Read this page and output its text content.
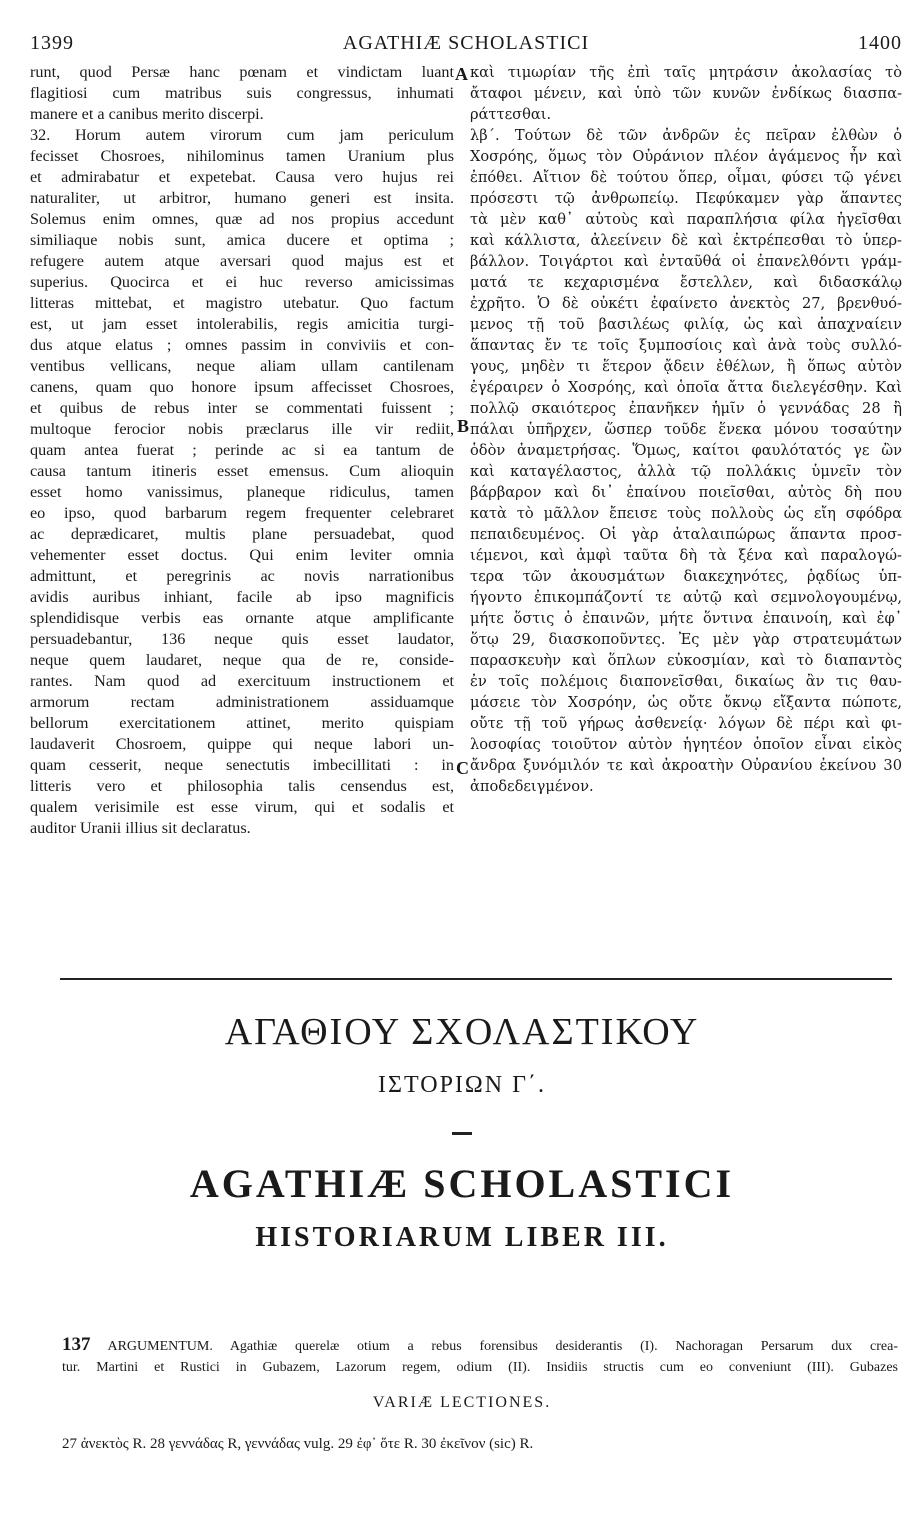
1399	AGATHIÆ SCHOLASTICI	1400
runt, quod Persæ hanc pœnam et vindictam luant
flagitiosi cum matribus suis congressus, inhumati
manere et a canibus merito discerpi.
32. Horum autem virorum cum jam periculum
fecisset Chosroes, nihilominus tamen Uranium plus
et admirabatur et expetebat. Causa vero hujus rei
naturaliter, ut arbitror, humano generi est insita.
Solemus enim omnes, quæ ad nos propius accedunt
similiaque nobis sunt, amica ducere et optima ;
refugere autem atque aversari quod majus est et
superius. Quocirca et ei huc reverso amicissimas
litteras mittebat, et magistro utebatur. Quo factum
est, ut jam esset intolerabilis, regis amicitia turgi-
dus atque elatus ; omnes passim in conviviis et con-
ventibus vellicans, neque aliam ullam cantilenam
canens, quam quo honore ipsum affecisset Chosroes,
et quibus de rebus inter se commentati fuissent ;
multoque ferocior nobis præclarus ille vir rediit,
quam antea fuerat ; perinde ac si ea tantum de
causa tantum itineris esset emensus. Cum alioquin
esset homo vanissimus, planeque ridiculus, tamen
eo ipso, quod barbarum regem frequenter celebraret
ac deprædicaret, multis plane persuadebat, quod
vehementer esset doctus. Qui enim leviter omnia
admittunt, et peregrinis ac novis narrationibus
avidis auribus inhiant, facile ab ipso magnificis
splendidisque verbis eas ornante atque amplificante
persuadebantur, 136 neque quis esset laudator,
neque quem laudaret, neque qua de re, conside-
rantes. Nam quod ad exercituum instructionem et
armorum rectam administrationem assiduamque
bellorum exercitationem attinet, merito quispiam
laudaverit Chosroem, quippe qui neque labori un-
quam cesserit, neque senectutis imbecillitati : in
litteris vero et philosophia talis censendus est,
qualem verisimile est esse virum, qui et sodalis et
auditor Uranii illius sit declaratus.
καὶ τιμωρίαν τῆς ἐπὶ ταῖς μητράσιν ἀκολασίας τὸ
ἄταφοι μένειν, καὶ ὑπὸ τῶν κυνῶν ἐνδίκως διασπα-
ράττεσθαι.
λβ΄. Τούτων δὲ τῶν ἀνδρῶν ἐς πεῖραν ἐλθὼν ὁ
Χοσρόης, ὅμως τὸν Οὐράνιον πλέον ἀγάμενος ἦν καὶ
ἐπόθει. Αἴτιον δὲ τούτου ὅπερ, οἶμαι, φύσει τῷ γένει
πρόσεστι τῷ ἀνθρωπείῳ. Πεφύκαμεν γὰρ ἅπαντες
τὰ μὲν καθ᾽ αὑτοὺς καὶ παραπλήσια φίλα ἡγεῖσθαι
καὶ κάλλιστα, ἀλεείνειν δὲ καὶ ἐκτρέπεσθαι τὸ ὑπερ-
βάλλον. Τοιγάρτοι καὶ ἐνταῦθά οἱ ἐπανελθόντι γράμ-
ματά τε κεχαρισμένα ἔστελλεν, καὶ διδασκάλῳ
ἐχρῆτο. Ὁ δὲ οὐκέτι ἐφαίνετο ἀνεκτὸς 27, βρενθυό-
μενος τῇ τοῦ βασιλέως φιλίᾳ, ὡς καὶ ἀπαχναίειν
ἅπαντας ἔν τε τοῖς ξυμποσίοις καὶ ἀνὰ τοὺς συλλό-
γους, μηδὲν τι ἕτερον ᾄδειν ἐθέλων, ἢ ὅπως αὐτὸν
ἐγέραιρεν ὁ Χοσρόης, καὶ ὁποῖα ἄττα διελεγέσθην. Καὶ
πολλῷ σκαιότερος ἐπανῆκεν ἡμῖν ὁ γεννάδας 28 ἢ
πάλαι ὑπῆρχεν, ὥσπερ τοῦδε ἕνεκα μόνου τοσαύτην
ὁδὸν ἀναμετρήσας. Ὅμως, καίτοι φαυλότατός γε ὢν
καὶ καταγέλαστος, ἀλλὰ τῷ πολλάκις ὑμνεῖν τὸν
βάρβαρον καὶ δι᾽ ἐπαίνου ποιεῖσθαι, αὐτὸς δὴ που
κατὰ τὸ μᾶλλον ἔπεισε τοὺς πολλοὺς ὡς εἴη σφόδρα
πεπαιδευμένος. Οἱ γὰρ ἀταλαιπώρως ἅπαντα προσ-
ιέμενοι, καὶ ἀμφὶ ταῦτα δὴ τὰ ξένα καὶ παραλογώ-
τερα τῶν ἀκουσμάτων διακεχηνότες, ῥᾳδίως ὑπ-
ήγοντο ἐπικομπάζοντί τε αὐτῷ καὶ σεμνολογουμένῳ,
μήτε ὅστις ὁ ἐπαινῶν, μήτε ὅντινα ἐπαινοίη, καὶ ἐφ᾽
ὅτῳ 29, διασκοποῦντες. Ἐς μὲν γὰρ στρατευμάτων
παρασκευὴν καὶ ὅπλων εὐκοσμίαν, καὶ τὸ διαπαντὸς
ἐν τοῖς πολέμοις διαπονεῖσθαι, δικαίως ἂν τις θαυ-
μάσειε τὸν Χοσρόην, ὡς οὔτε ὄκνῳ εἴξαντα πώποτε,
οὔτε τῇ τοῦ γήρως ἀσθενείᾳ· λόγων δὲ πέρι καὶ φι-
λοσοφίας τοιοῦτον αὐτὸν ἡγητέον ὁποῖον εἶναι εἰκὸς
ἄνδρα ξυνόμιλόν τε καὶ ἀκροατὴν Οὐρανίου ἐκείνου 30
ἀποδεδειγμένον.
A
B
C
ΑΓΑΘΙΟΥ ΣΧΟΛΑΣΤΙΚΟΥ
ΙΣΤΟΡΙΩΝ Γ΄.
AGATHIÆ SCHOLASTICI
HISTORIARUM LIBER III.
137 ARGUMENTUM. Agathiæ querelæ otium a rebus forensibus desiderantis (I). Nachoragan Persarum dux crea-
tur. Martini et Rustici in Gubazem, Lazorum regem, odium (II). Insidiis structis cum eo conveniunt (III). Gubazes
VARIÆ LECTIONES.
27 ἀνεκτὸς R. 28 γεννάδας R, γεννάδας vulg. 29 ἐφ᾽ ὅτε R. 30 ἐκεῖνον (sic) R.
